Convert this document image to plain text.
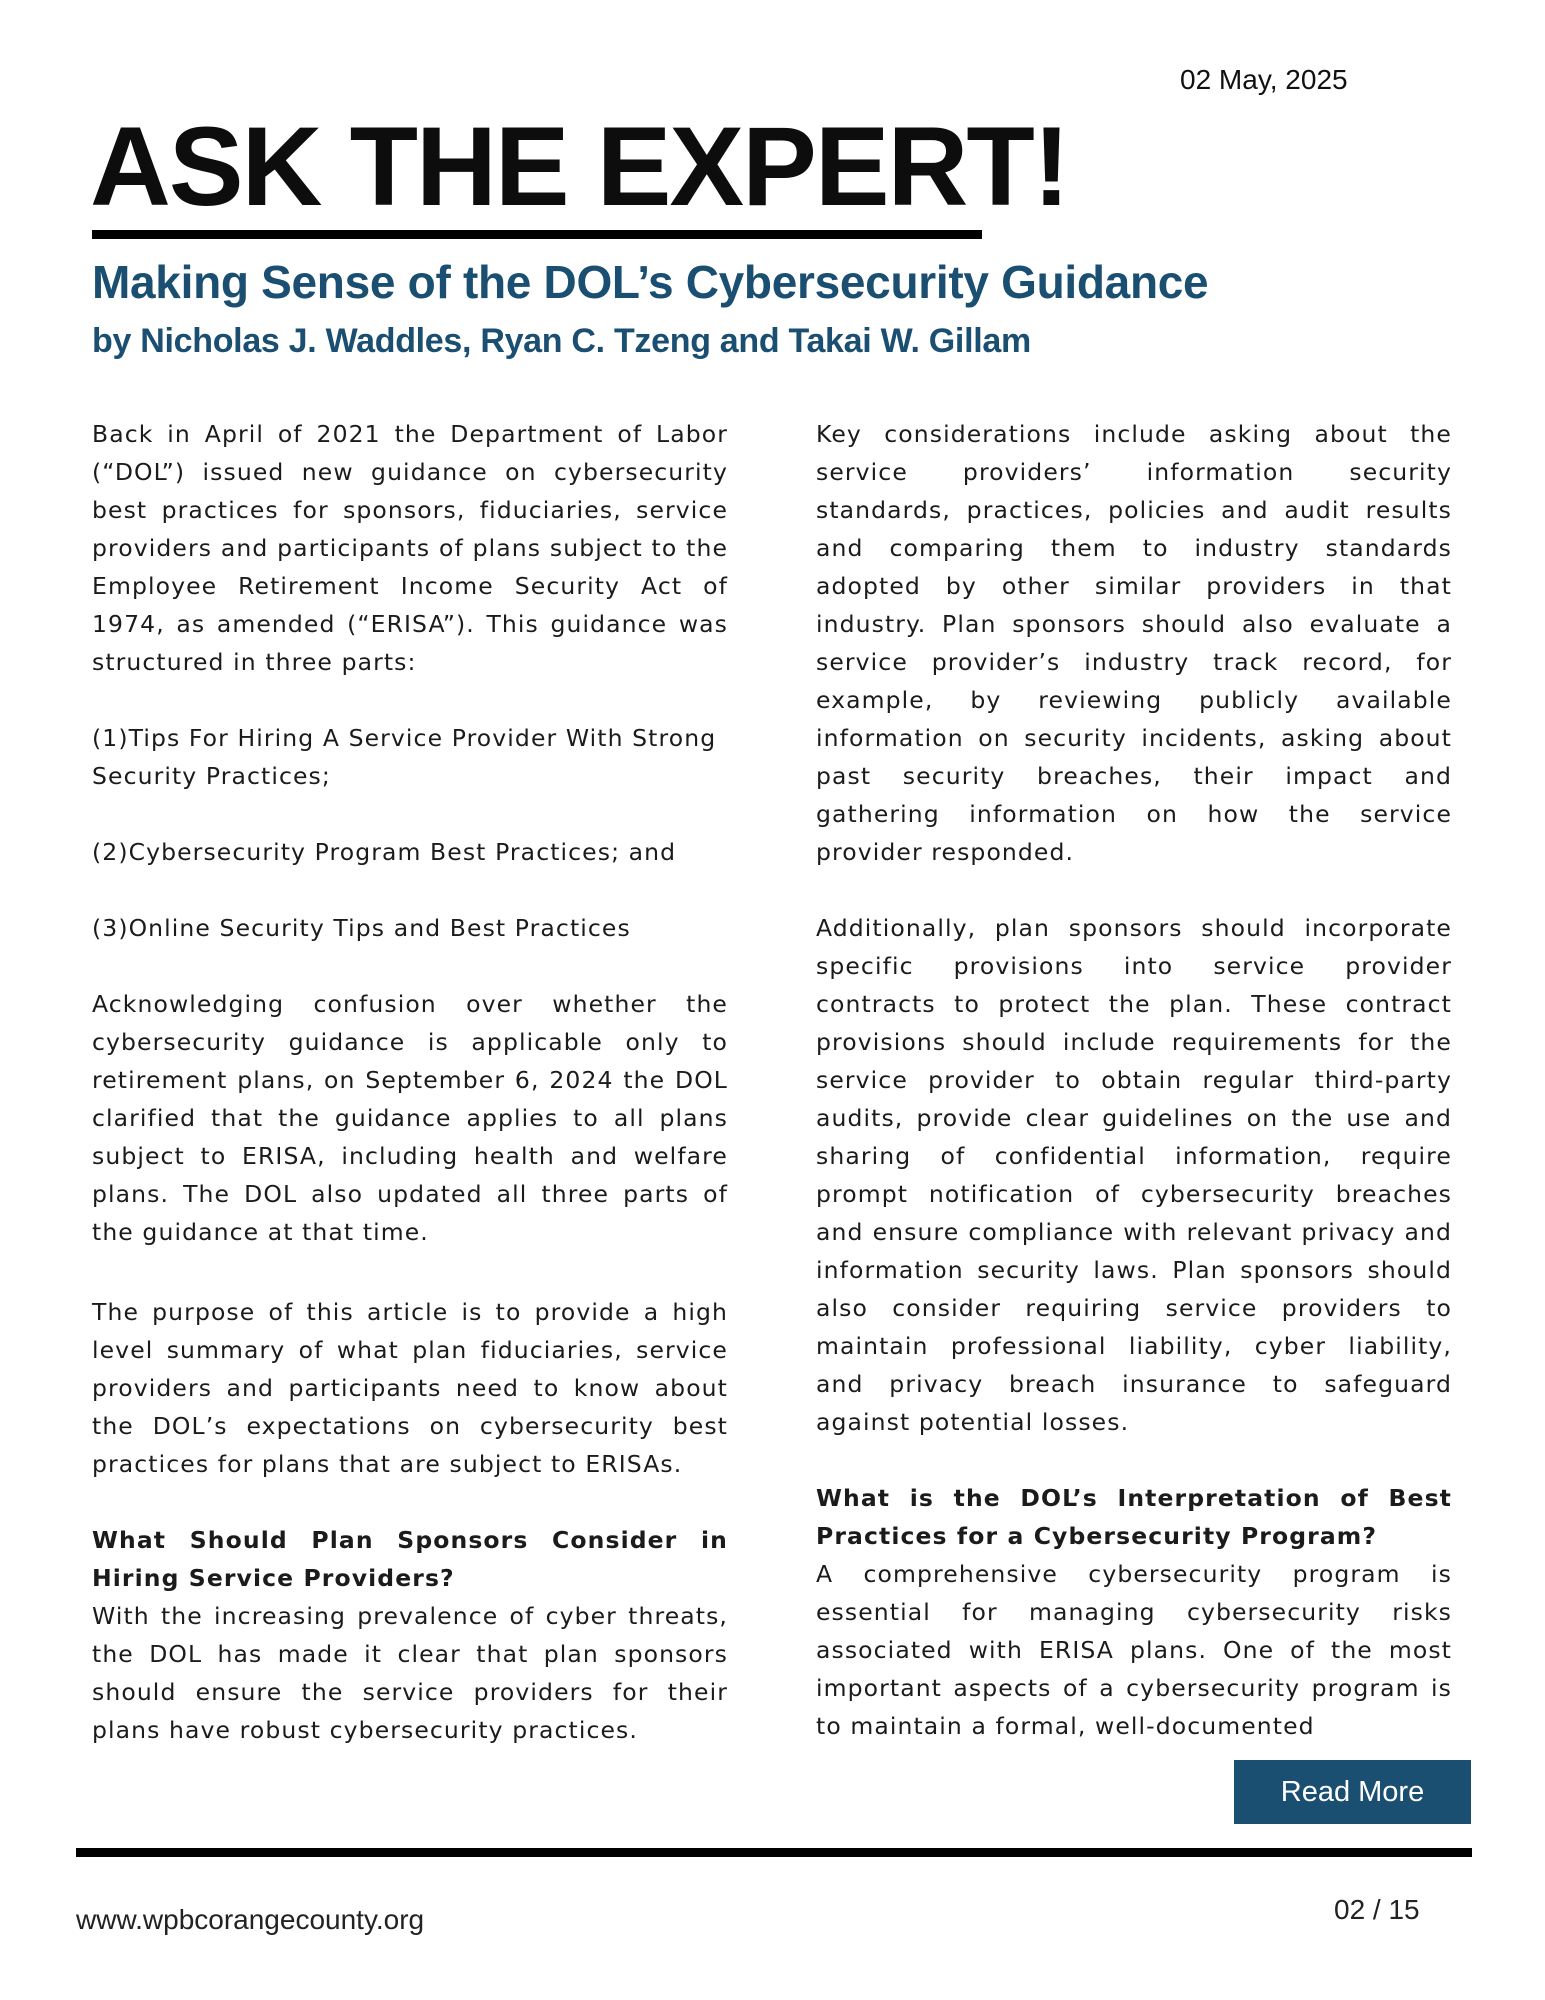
02 May, 2025
ASK THE EXPERT!
Making Sense of the DOL’s Cybersecurity Guidance
by Nicholas J. Waddles, Ryan C. Tzeng and Takai W. Gillam

Back in April of 2021 the Department of Labor (“DOL”) issued new guidance on cybersecurity best practices for sponsors, fiduciaries, service providers and participants of plans subject to the Employee Retirement Income Security Act of 1974, as amended (“ERISA”). This guidance was structured in three parts:

(1)Tips For Hiring A Service Provider With Strong Security Practices;

(2)Cybersecurity Program Best Practices; and

(3)Online Security Tips and Best Practices

Acknowledging confusion over whether the cybersecurity guidance is applicable only to retirement plans, on September 6, 2024 the DOL clarified that the guidance applies to all plans subject to ERISA, including health and welfare plans. The DOL also updated all three parts of the guidance at that time.

The purpose of this article is to provide a high level summary of what plan fiduciaries, service providers and participants need to know about the DOL’s expectations on cybersecurity best practices for plans that are subject to ERISAs.

What Should Plan Sponsors Consider in Hiring Service Providers?

With the increasing prevalence of cyber threats, the DOL has made it clear that plan sponsors should ensure the service providers for their plans have robust cybersecurity practices.

Key considerations include asking about the service providers’ information security standards, practices, policies and audit results and comparing them to industry standards adopted by other similar providers in that industry. Plan sponsors should also evaluate a service provider’s industry track record, for example, by reviewing publicly available information on security incidents, asking about past security breaches, their impact and gathering information on how the service provider responded.

Additionally, plan sponsors should incorporate specific provisions into service provider contracts to protect the plan. These contract provisions should include requirements for the service provider to obtain regular third-party audits, provide clear guidelines on the use and sharing of confidential information, require prompt notification of cybersecurity breaches and ensure compliance with relevant privacy and information security laws. Plan sponsors should also consider requiring service providers to maintain professional liability, cyber liability, and privacy breach insurance to safeguard against potential losses.

What is the DOL’s Interpretation of Best Practices for a Cybersecurity Program?

A comprehensive cybersecurity program is essential for managing cybersecurity risks associated with ERISA plans. One of the most important aspects of a cybersecurity program is to maintain a formal, well-documented

Read More
www.wpbcorangecounty.org	02 / 15
